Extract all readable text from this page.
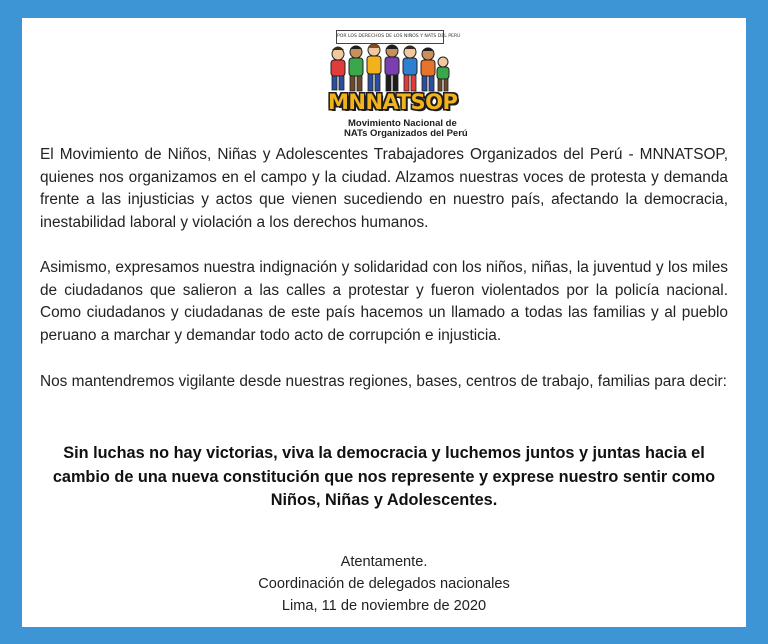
POR LOS DERECHOS DE LOS NIÑOS Y NATS DEL PERÚ
MNNATSOP
Movimiento Nacional de
NATs Organizados del Perú

El Movimiento de Niños, Niñas y Adolescentes Trabajadores Organizados del Perú - MNNATSOP, quienes nos organizamos en el campo y la ciudad. Alzamos nuestras voces de protesta y demanda frente a las injusticias y actos que vienen sucediendo en nuestro país, afectando la democracia, inestabilidad laboral y violación a los derechos humanos.

Asimismo, expresamos nuestra indignación y solidaridad con los niños, niñas, la juventud y los miles de ciudadanos que salieron a las calles a protestar y fueron violentados por la policía nacional. Como ciudadanos y ciudadanas de este país hacemos un llamado a todas las familias y al pueblo peruano a marchar y demandar todo acto de corrupción e injusticia.

Nos mantendremos vigilante desde nuestras regiones, bases, centros de trabajo, familias para decir:

Sin luchas no hay victorias, viva la democracia y luchemos juntos y juntas hacia el cambio de una nueva constitución que nos represente y exprese nuestro sentir como Niños, Niñas y Adolescentes.

Atentamente.

Coordinación de delegados nacionales

Lima, 11 de noviembre de 2020
